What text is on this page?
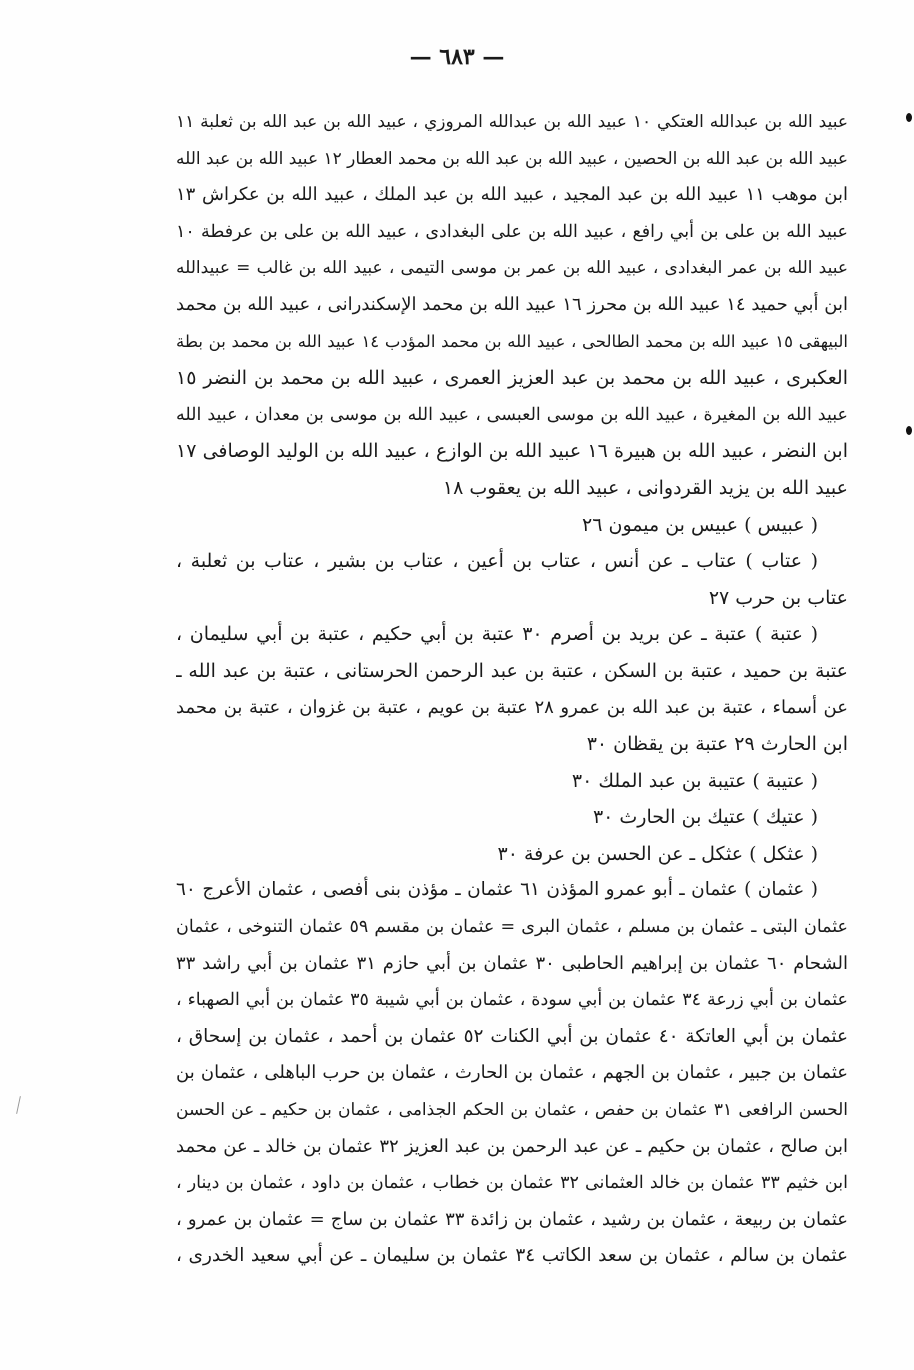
— ٦٨٣ —
عبيد الله بن عبدالله العتكي ١٠ عبيد الله بن عبدالله المروزي ، عبيد الله بن عبد الله بن ثعلبة ١١
عبيد الله بن عبد الله بن الحصين ، عبيد الله بن عبد الله بن محمد العطار ١٢ عبيد الله بن عبد الله
ابن موهب ١١ عبيد الله بن عبد المجيد ، عبيد الله بن عبد الملك ، عبيد الله بن عكراش ١٣
عبيد الله بن على بن أبي رافع ، عبيد الله بن على البغدادى ، عبيد الله بن على بن عرفطة ١٠
عبيد الله بن عمر البغدادى ، عبيد الله بن عمر بن موسى التيمى ، عبيد الله بن غالب = عبيدالله
ابن أبي حميد ١٤ عبيد الله بن محرز ١٦ عبيد الله بن محمد الإسكندرانى ، عبيد الله بن محمد
البيهقى ١٥ عبيد الله بن محمد الطالحى ، عبيد الله بن محمد المؤدب ١٤ عبيد الله بن محمد بن بطة
العكبرى ، عبيد الله بن محمد بن عبد العزيز العمرى ، عبيد الله بن محمد بن النضر ١٥
عبيد الله بن المغيرة ، عبيد الله بن موسى العبسى ، عبيد الله بن موسى بن معدان ، عبيد الله
ابن النضر ، عبيد الله بن هبيرة ١٦ عبيد الله بن الوازع ، عبيد الله بن الوليد الوصافى ١٧
عبيد الله بن يزيد القردوانى ، عبيد الله بن يعقوب ١٨
( عبيس ) عبيس بن ميمون ٢٦
( عتاب ) عتاب ـ عن أنس ، عتاب بن أعين ، عتاب بن بشير ، عتاب بن ثعلبة ،
عتاب بن حرب ٢٧
( عتبة ) عتبة ـ عن بريد بن أصرم ٣٠ عتبة بن أبي حكيم ، عتبة بن أبي سليمان ،
عتبة بن حميد ، عتبة بن السكن ، عتبة بن عبد الرحمن الحرستانى ، عتبة بن عبد الله ـ
عن أسماء ، عتبة بن عبد الله بن عمرو ٢٨ عتبة بن عويم ، عتبة بن غزوان ، عتبة بن محمد
ابن الحارث ٢٩ عتبة بن يقظان ٣٠
( عتيبة ) عتيبة بن عبد الملك ٣٠
( عتيك ) عتيك بن الحارث ٣٠
( عثكل ) عثكل ـ عن الحسن بن عرفة ٣٠
( عثمان ) عثمان ـ أبو عمرو المؤذن ٦١ عثمان ـ مؤذن بنى أفصى ، عثمان الأعرج ٦٠
عثمان البتى ـ عثمان بن مسلم ، عثمان البرى = عثمان بن مقسم ٥٩ عثمان التنوخى ، عثمان
الشحام ٦٠ عثمان بن إبراهيم الحاطبى ٣٠ عثمان بن أبي حازم ٣١ عثمان بن أبي راشد ٣٣
عثمان بن أبي زرعة ٣٤ عثمان بن أبي سودة ، عثمان بن أبي شيبة ٣٥ عثمان بن أبي الصهباء ،
عثمان بن أبي العاتكة ٤٠ عثمان بن أبي الكنات ٥٢ عثمان بن أحمد ، عثمان بن إسحاق ،
عثمان بن جبير ، عثمان بن الجهم ، عثمان بن الحارث ، عثمان بن حرب الباهلى ، عثمان بن
الحسن الرافعى ٣١ عثمان بن حفص ، عثمان بن الحكم الجذامى ، عثمان بن حكيم ـ عن الحسن
ابن صالح ، عثمان بن حكيم ـ عن عبد الرحمن بن عبد العزيز ٣٢ عثمان بن خالد ـ عن محمد
ابن خثيم ٣٣ عثمان بن خالد العثمانى ٣٢ عثمان بن خطاب ، عثمان بن داود ، عثمان بن دينار ،
عثمان بن ربيعة ، عثمان بن رشيد ، عثمان بن زائدة ٣٣ عثمان بن ساج = عثمان بن عمرو ،
عثمان بن سالم ، عثمان بن سعد الكاتب ٣٤ عثمان بن سليمان ـ عن أبي سعيد الخدرى ،
